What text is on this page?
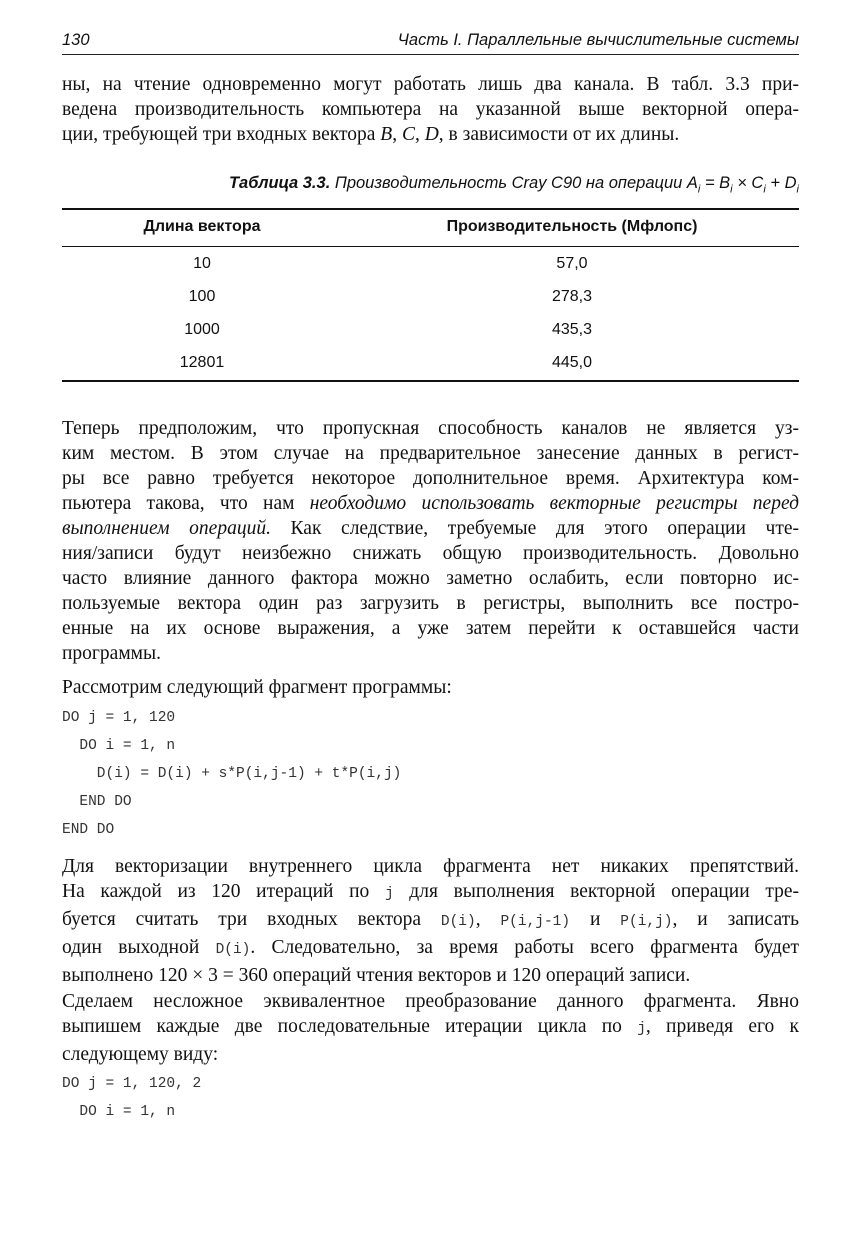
130	Часть I. Параллельные вычислительные системы

ны, на чтение одновременно могут работать лишь два канала. В табл. 3.3 при-
ведена производительность компьютера на указанной выше векторной опера-
ции, требующей три входных вектора B, C, D, в зависимости от их длины.

Таблица 3.3. Производительность Cray C90 на операции $A_i = B_i \times C_i + D_i$
Длина вектора	Производительность (Мфлопс)
10	57,0
100	278,3
1000	435,3
12801	445,0

Теперь предположим, что пропускная способность каналов не является уз-
ким местом. В этом случае на предварительное занесение данных в регист-
ры все равно требуется некоторое дополнительное время. Архитектура ком-
пьютера такова, что нам необходимо использовать векторные регистры перед
выполнением операций. Как следствие, требуемые для этого операции чте-
ния/записи будут неизбежно снижать общую производительность. Довольно
часто влияние данного фактора можно заметно ослабить, если повторно ис-
пользуемые вектора один раз загрузить в регистры, выполнить все постро-
енные на их основе выражения, а уже затем перейти к оставшейся части
программы.

Рассмотрим следующий фрагмент программы:

DO j = 1, 120

DO i = 1, n

D(i) = D(i) + s*P(i,j-1) + t*P(i,j)

END DO

END DO

Для векторизации внутреннего цикла фрагмента нет никаких препятствий.
На каждой из 120 итераций по j для выполнения векторной операции тре-
буется считать три входных вектора D(i), P(i,j-1) и P(i,j), и записать
один выходной D(i). Следовательно, за время работы всего фрагмента будет
выполнено 120 × 3 = 360 операций чтения векторов и 120 операций записи.

Сделаем несложное эквивалентное преобразование данного фрагмента. Явно
выпишем каждые две последовательные итерации цикла по j, приведя его к
следующему виду:

DO j = 1, 120, 2

DO i = 1, n
